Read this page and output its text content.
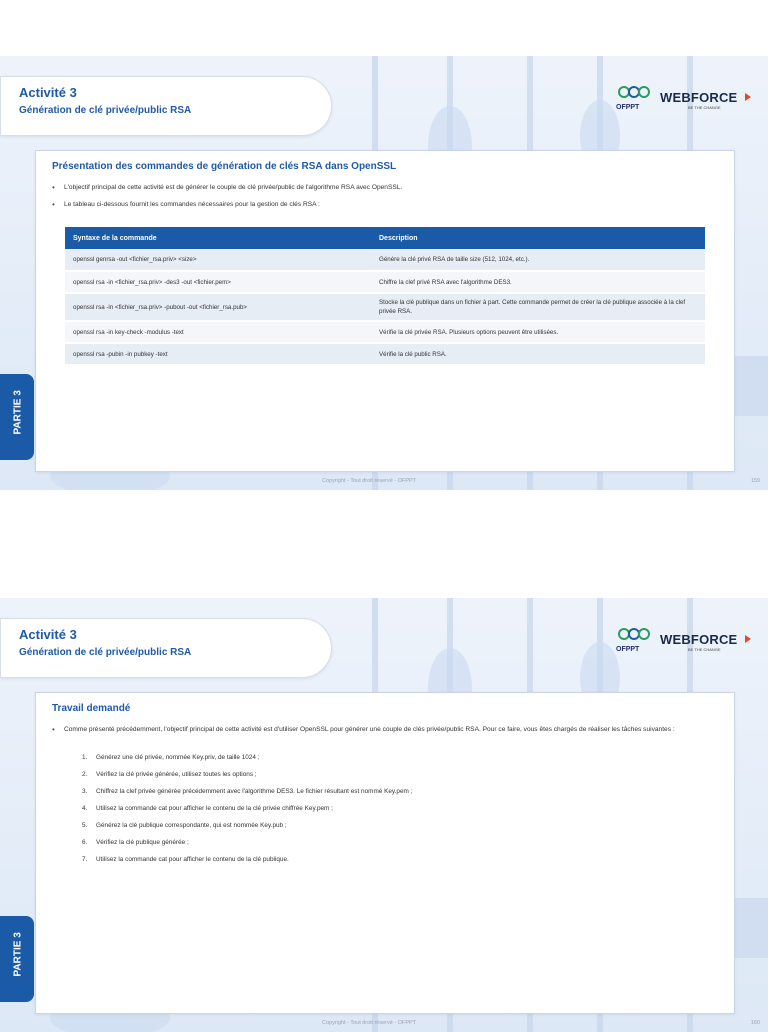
Activité 3
Génération de clé privée/public RSA	OFPPT
WEBFORCE
BE THE CHANGE
Présentation des commandes de génération de clés RSA dans OpenSSL
• L'objectif principal de cette activité est de générer le couple de clé privée/public de l'algorithme RSA avec OpenSSL.
• Le tableau ci-dessous fournit les commandes nécessaires pour la gestion de clés RSA :
Syntaxe de la commande	Description
openssl genrsa -out <fichier_rsa.priv> <size>	Génère la clé privé RSA de taille size (512, 1024, etc.).
openssl rsa -in <fichier_rsa.priv> -des3 -out <fichier.pem>	Chiffre la clef privé RSA avec l'algorithme DES3.
openssl rsa -in <fichier_rsa.priv> -pubout -out <fichier_rsa.pub>	Stocke la clé publique dans un fichier à part. Cette commande permet de créer la clé publique associée à la clef privée RSA.
openssl rsa -in key-check -modulus -text	Vérifie la clé privée RSA. Plusieurs options peuvent être utilisées.
openssl rsa -pubin -in pubkey -text	Vérifie la clé public RSA.
PARTIE 3
Copyright - Tout droit réservé - OFPPT	159
Activité 3
Génération de clé privée/public RSA	OFPPT
WEBFORCE
BE THE CHANGE
Travail demandé
• Comme présenté précédemment, l'objectif principal de cette activité est d'utiliser OpenSSL pour générer une couple de clés privée/public RSA. Pour ce faire, vous êtes chargés de réaliser les tâches suivantes :
1. Générez une clé privée, nommée Key.priv, de taille 1024 ;
2. Vérifiez la clé privée générée, utilisez toutes les options ;
3. Chiffrez la clef privée générée précédemment avec l'algorithme DES3. Le fichier résultant est nommé Key.pem ;
4. Utilisez la commande cat pour afficher le contenu de la clé privée chiffrée Key.pem ;
5. Générez la clé publique correspondante, qui est nommée Key.pub ;
6. Vérifiez la clé publique générée ;
7. Utilisez la commande cat pour afficher le contenu de la clé publique.
PARTIE 3
Copyright - Tout droit réservé - OFPPT	160
